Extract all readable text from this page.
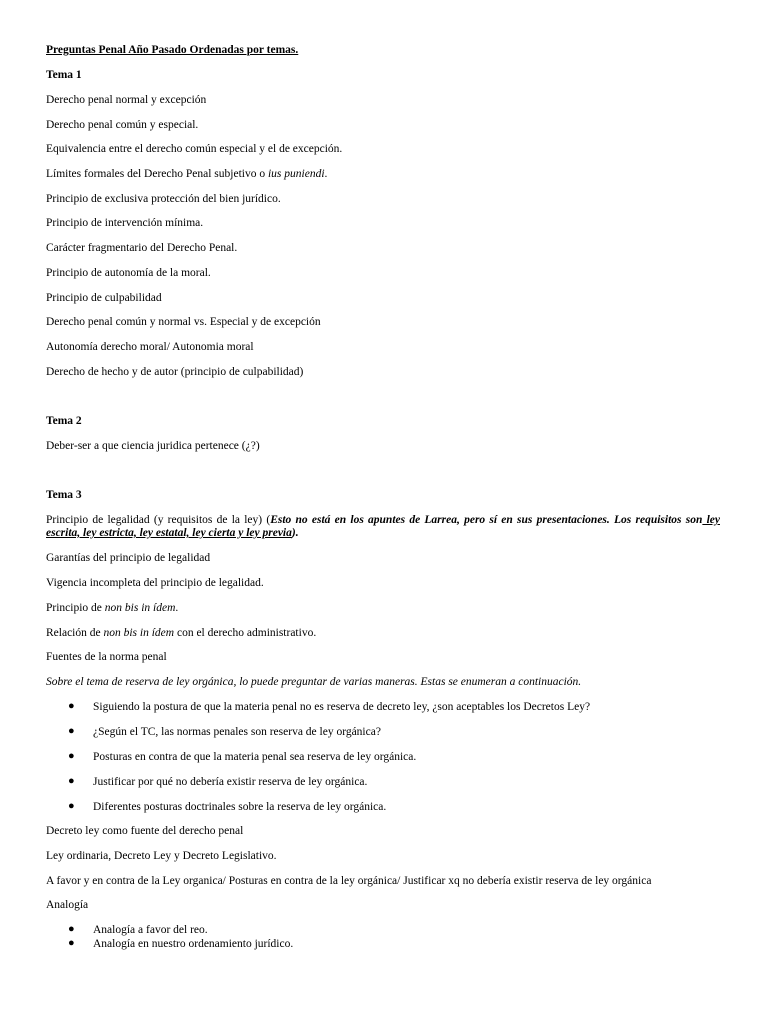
Preguntas Penal Año Pasado Ordenadas por temas.
Tema 1
Derecho penal normal y excepción
Derecho penal común y especial.
Equivalencia entre el derecho común especial y el de excepción.
Límites formales del Derecho Penal subjetivo o ius puniendi.
Principio de exclusiva protección del bien jurídico.
Principio de intervención mínima.
Carácter fragmentario del Derecho Penal.
Principio de autonomía de la moral.
Principio de culpabilidad
Derecho penal común y normal vs. Especial y de excepción
Autonomía derecho moral/ Autonomia moral
Derecho de hecho y de autor (principio de culpabilidad)
Tema 2
Deber-ser a que ciencia juridica pertenece (¿?)
Tema 3
Principio de legalidad (y requisitos de la ley) (Esto no está en los apuntes de Larrea, pero sí en sus presentaciones. Los requisitos son ley escrita, ley estricta, ley estatal, ley cierta y ley previa).
Garantías del principio de legalidad
Vigencia incompleta del principio de legalidad.
Principio de non bis in ídem.
Relación de non bis in ídem con el derecho administrativo.
Fuentes de la norma penal
Sobre el tema de reserva de ley orgánica, lo puede preguntar de varias maneras. Estas se enumeran a continuación.
● Siguiendo la postura de que la materia penal no es reserva de decreto ley, ¿son aceptables los Decretos Ley?
● ¿Según el TC, las normas penales son reserva de ley orgánica?
● Posturas en contra de que la materia penal sea reserva de ley orgánica.
● Justificar por qué no debería existir reserva de ley orgánica.
● Diferentes posturas doctrinales sobre la reserva de ley orgánica.
Decreto ley como fuente del derecho penal
Ley ordinaria, Decreto Ley y Decreto Legislativo.
A favor y en contra de la Ley organica/ Posturas en contra de la ley orgánica/ Justificar xq no debería existir reserva de ley orgánica
Analogía
● Analogía a favor del reo.
● Analogía en nuestro ordenamiento jurídico.
